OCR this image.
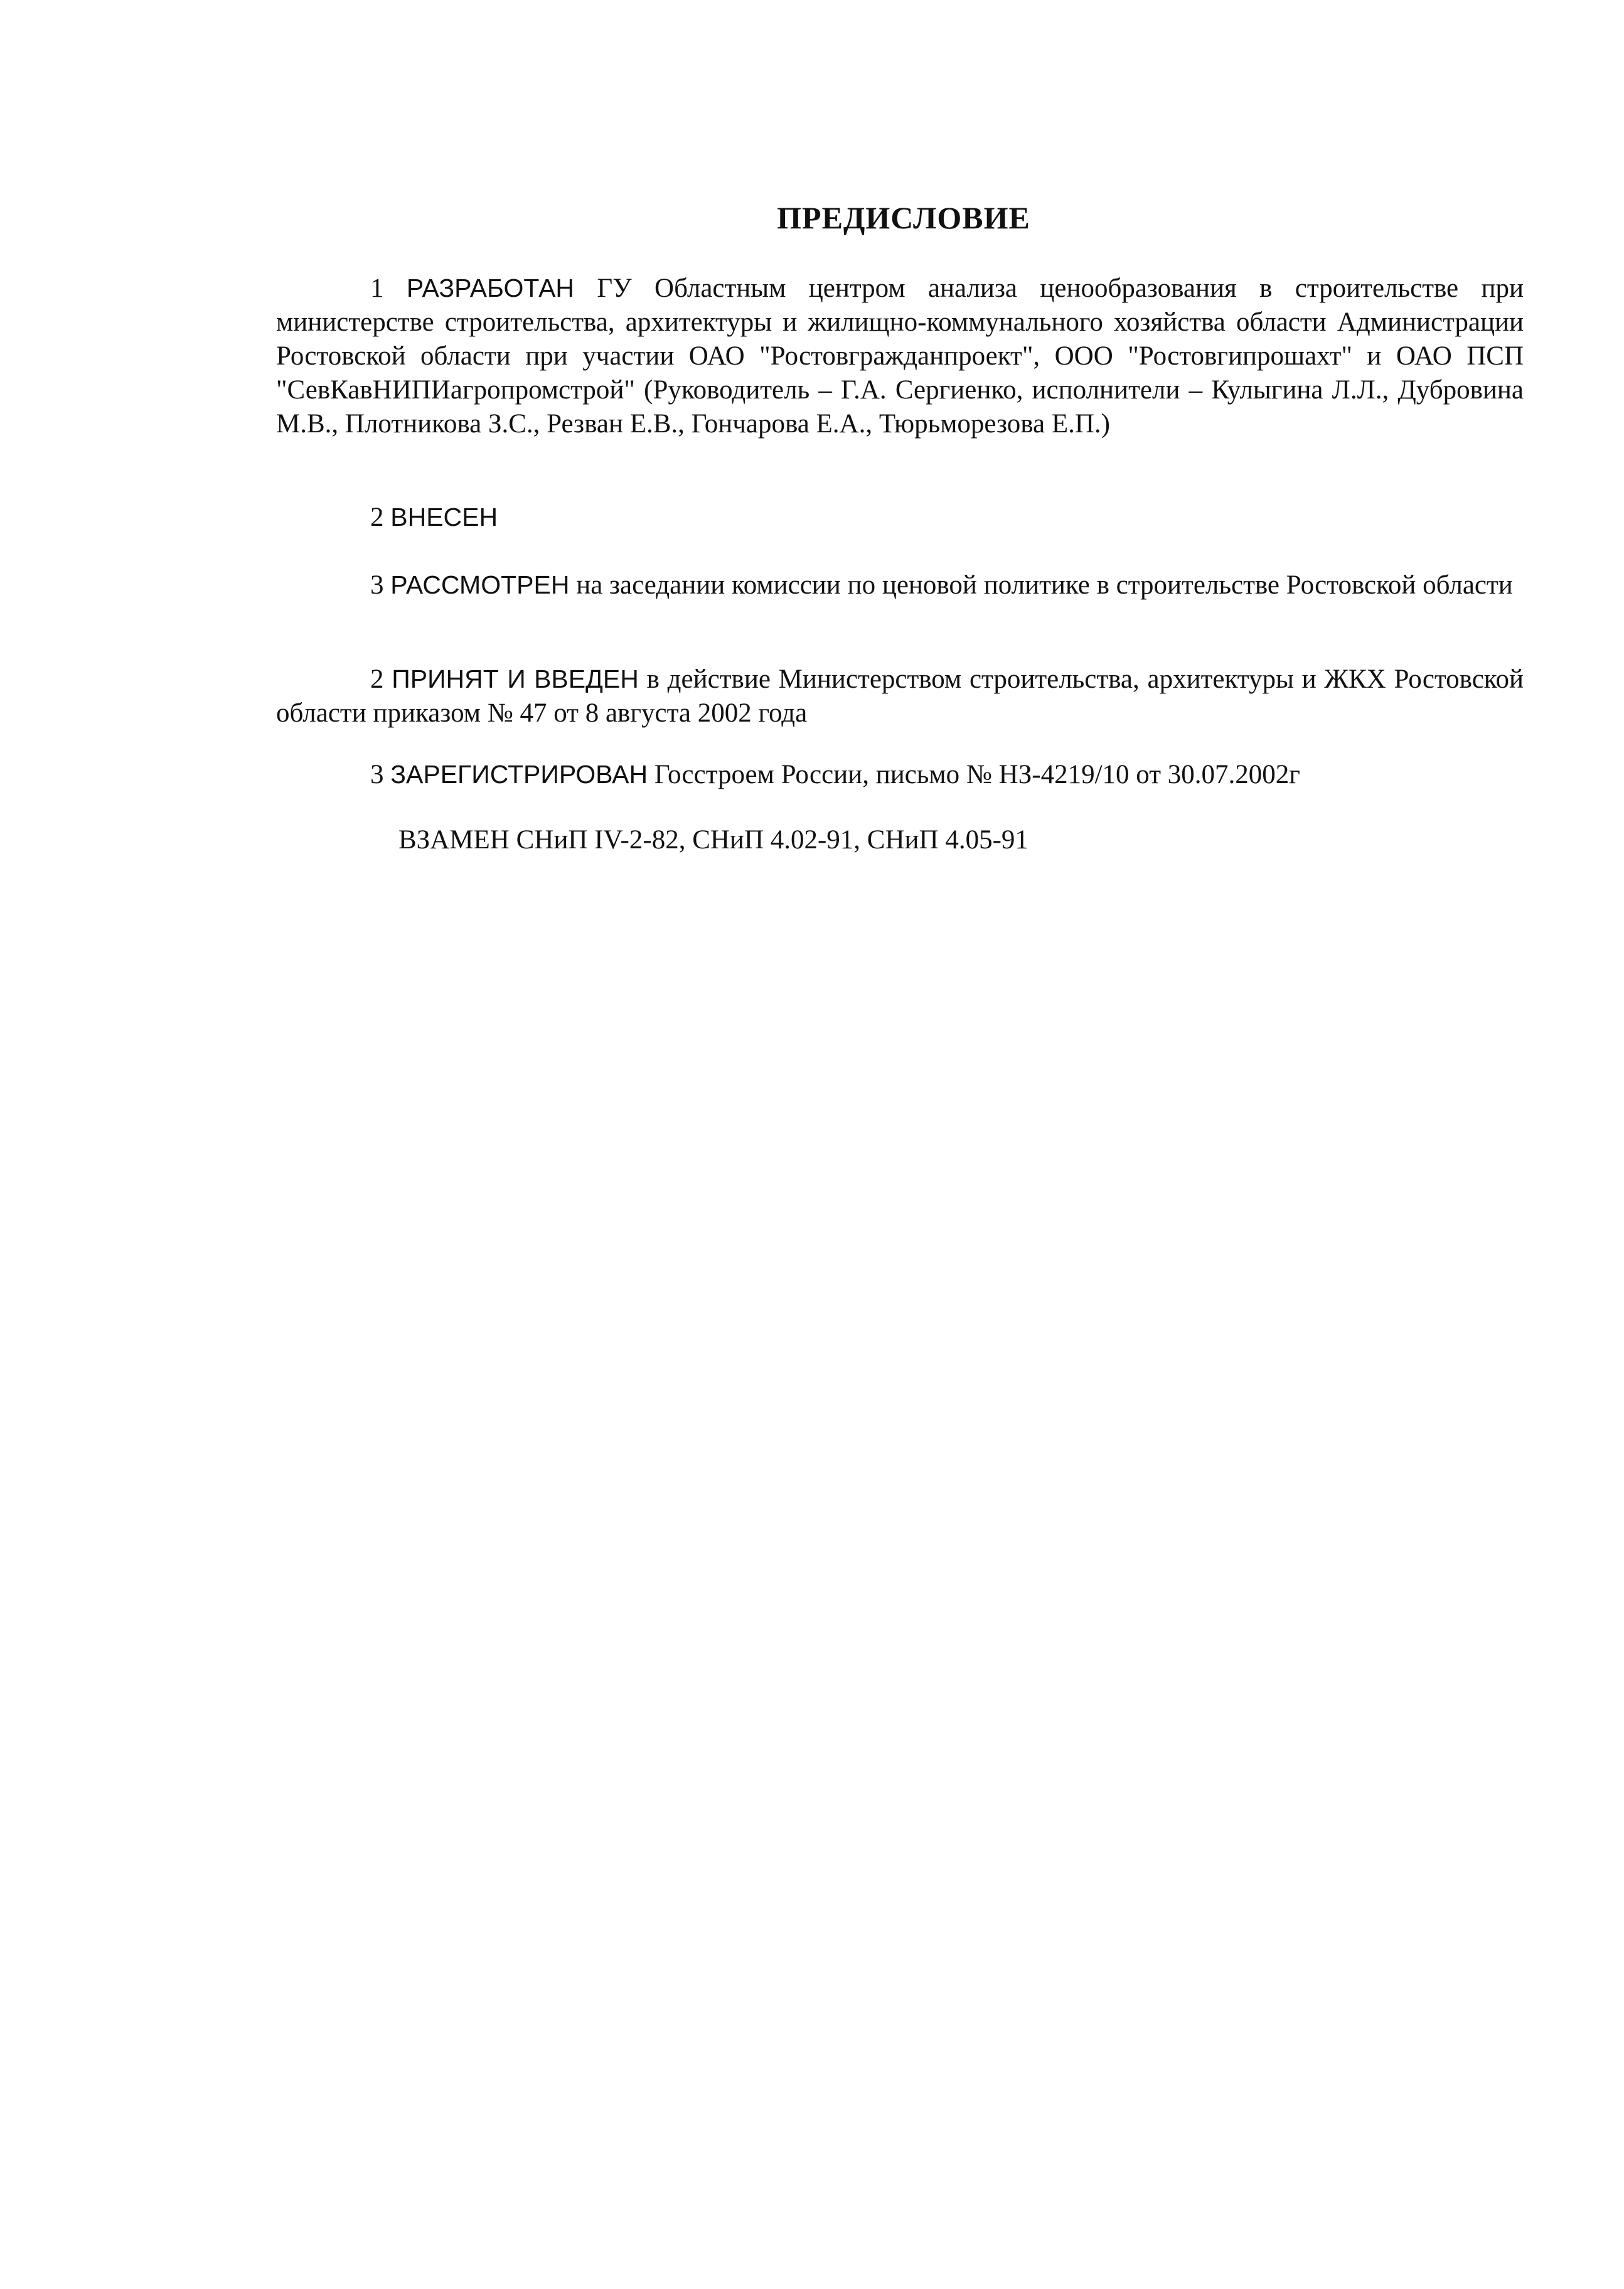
ПРЕДИСЛОВИЕ
1 РАЗРАБОТАН ГУ Областным центром анализа ценообразования в строительстве при министерстве строительства, архитектуры и жилищно-коммунального хозяйства области Администрации Ростовской области при участии ОАО "Ростовгражданпроект", ООО "Ростовгипрошахт" и ОАО ПСП "СевКавНИПИагропромстрой" (Руководитель – Г.А. Сергиенко, исполнители – Кулыгина Л.Л., Дубровина М.В., Плотникова З.С., Резван Е.В., Гончарова Е.А., Тюрьморезова Е.П.)
2 ВНЕСЕН
3 РАССМОТРЕН на заседании комиссии по ценовой политике в строительстве Ростовской области
2 ПРИНЯТ И ВВЕДЕН в действие Министерством строительства, архитектуры и ЖКХ Ростовской области приказом № 47 от 8 августа 2002 года
3 ЗАРЕГИСТРИРОВАН Госстроем России, письмо № НЗ-4219/10 от 30.07.2002г
ВЗАМЕН СНиП IV-2-82, СНиП 4.02-91, СНиП 4.05-91
